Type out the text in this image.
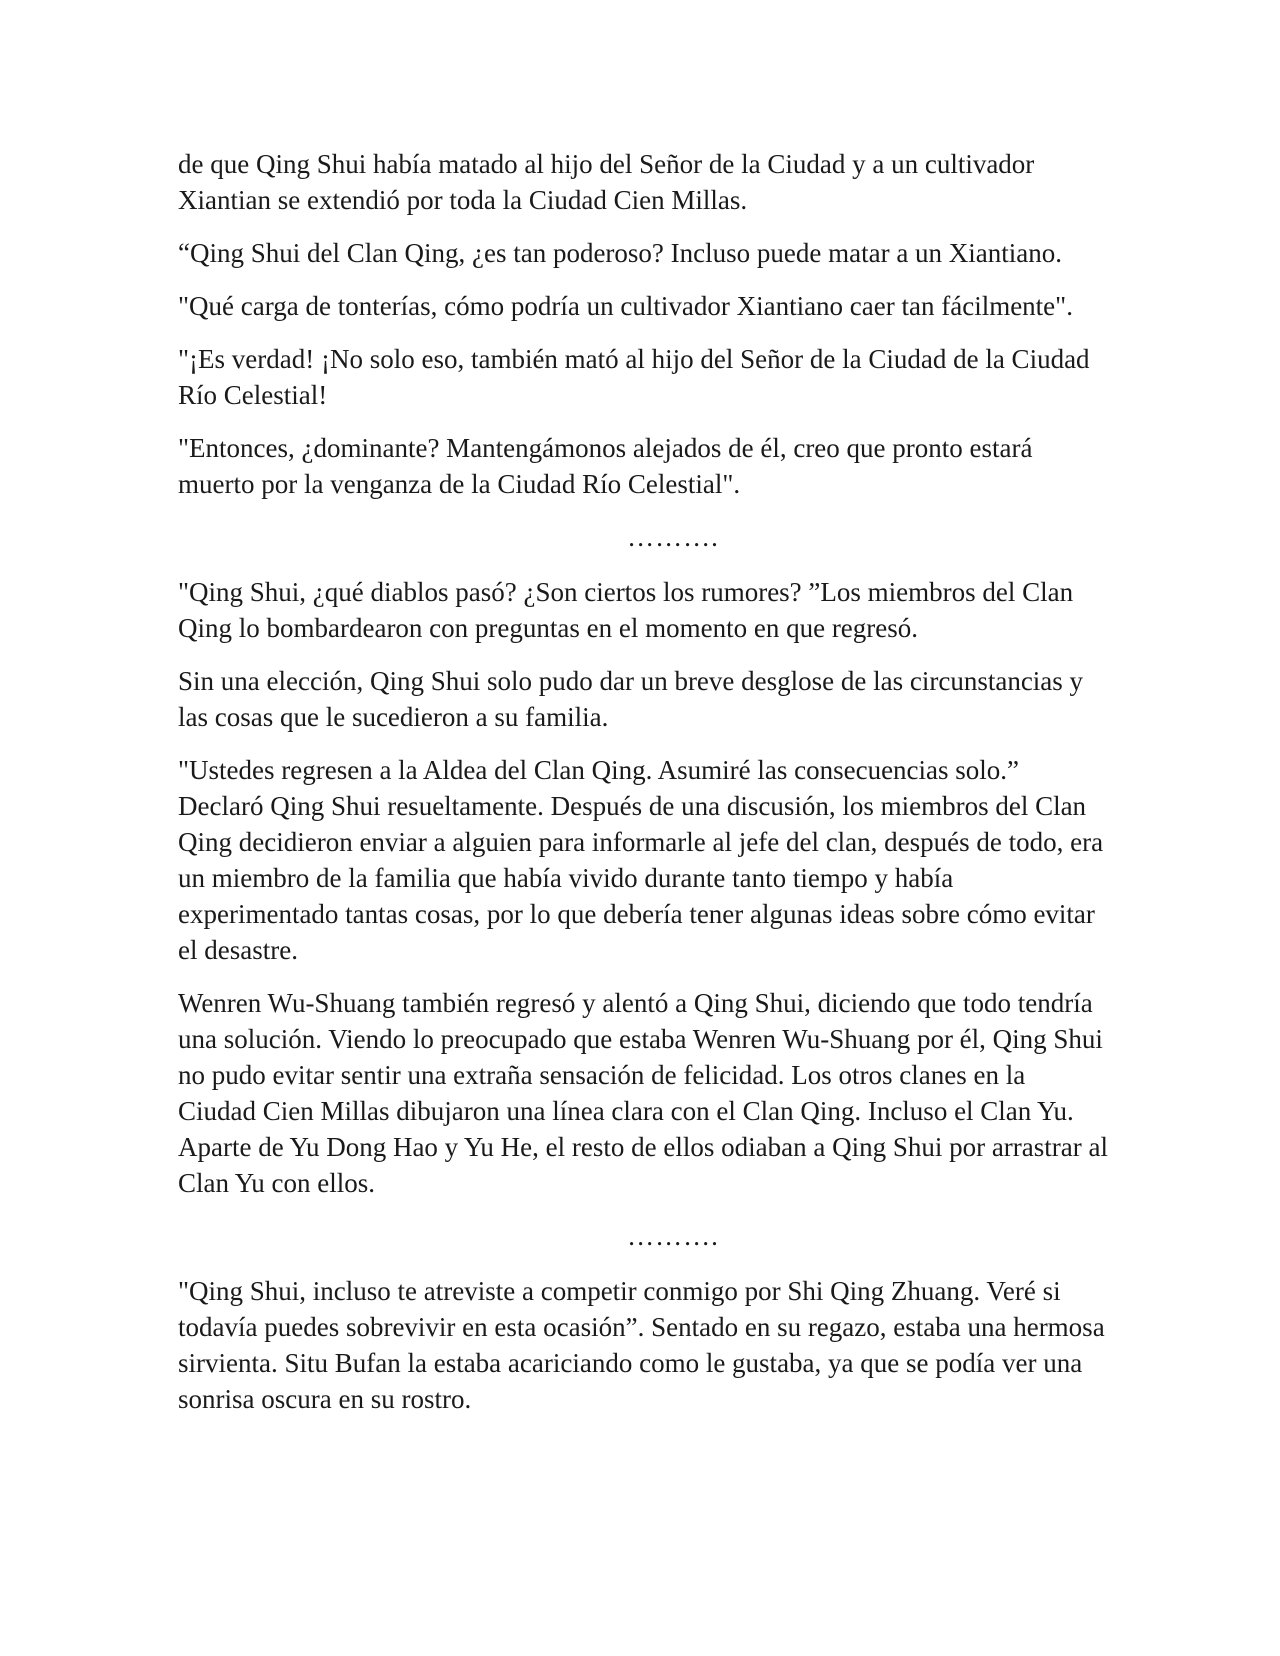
de que Qing Shui había matado al hijo del Señor de la Ciudad y a un cultivador Xiantian se extendió por toda la Ciudad Cien Millas.

“Qing Shui del Clan Qing, ¿es tan poderoso? Incluso puede matar a un Xiantiano.

"Qué carga de tonterías, cómo podría un cultivador Xiantiano caer tan fácilmente".

"¡Es verdad! ¡No solo eso, también mató al hijo del Señor de la Ciudad de la Ciudad Río Celestial!

"Entonces, ¿dominante? Mantengámonos alejados de él, creo que pronto estará muerto por la venganza de la Ciudad Río Celestial".

……….

"Qing Shui, ¿qué diablos pasó? ¿Son ciertos los rumores? ”Los miembros del Clan Qing lo bombardearon con preguntas en el momento en que regresó.

Sin una elección, Qing Shui solo pudo dar un breve desglose de las circunstancias y las cosas que le sucedieron a su familia.

"Ustedes regresen a la Aldea del Clan Qing. Asumiré las consecuencias solo.” Declaró Qing Shui resueltamente. Después de una discusión, los miembros del Clan Qing decidieron enviar a alguien para informarle al jefe del clan, después de todo, era un miembro de la familia que había vivido durante tanto tiempo y había experimentado tantas cosas, por lo que debería tener algunas ideas sobre cómo evitar el desastre.

Wenren Wu-Shuang también regresó y alentó a Qing Shui, diciendo que todo tendría una solución. Viendo lo preocupado que estaba Wenren Wu-Shuang por él, Qing Shui no pudo evitar sentir una extraña sensación de felicidad. Los otros clanes en la Ciudad Cien Millas dibujaron una línea clara con el Clan Qing. Incluso el Clan Yu. Aparte de Yu Dong Hao y Yu He, el resto de ellos odiaban a Qing Shui por arrastrar al Clan Yu con ellos.

……….

"Qing Shui, incluso te atreviste a competir conmigo por Shi Qing Zhuang. Veré si todavía puedes sobrevivir en esta ocasión”. Sentado en su regazo, estaba una hermosa sirvienta. Situ Bufan la estaba acariciando como le gustaba, ya que se podía ver una sonrisa oscura en su rostro.
